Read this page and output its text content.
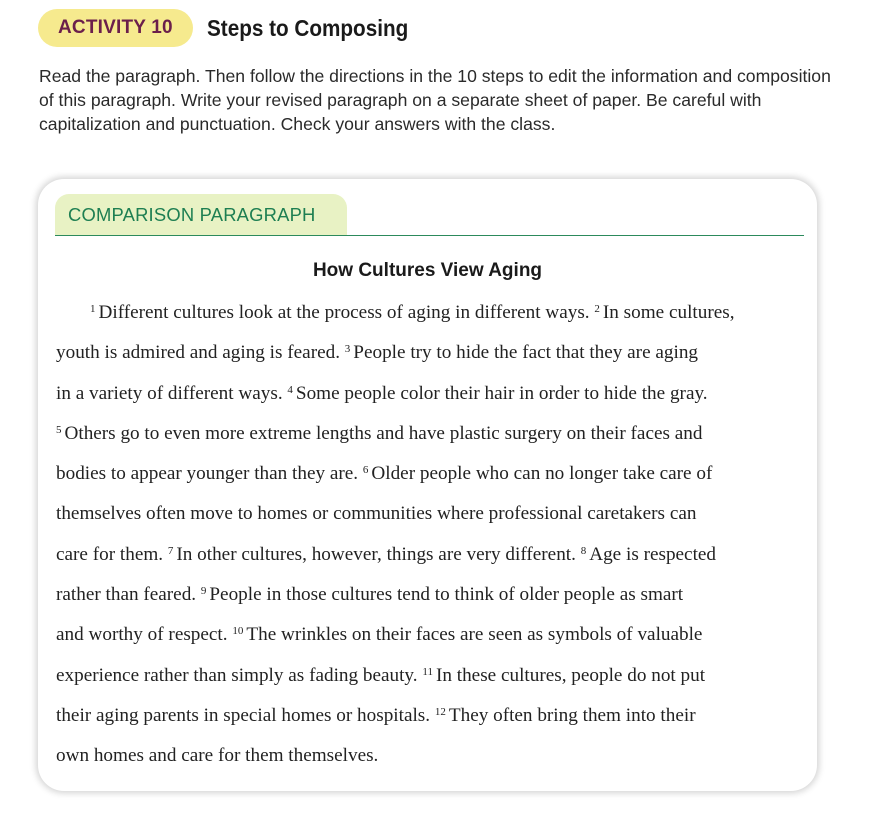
ACTIVITY 10	Steps to Composing

Read the paragraph. Then follow the directions in the 10 steps to edit the information and composition of this paragraph. Write your revised paragraph on a separate sheet of paper. Be careful with capitalization and punctuation. Check your answers with the class.

COMPARISON PARAGRAPH
How Cultures View Aging
$^1$ Different cultures look at the process of aging in different ways. $^2$ In some cultures,
youth is admired and aging is feared. $^3$ People try to hide the fact that they are aging
in a variety of different ways. $^4$ Some people color their hair in order to hide the gray.
$^5$ Others go to even more extreme lengths and have plastic surgery on their faces and
bodies to appear younger than they are. $^6$ Older people who can no longer take care of
themselves often move to homes or communities where professional caretakers can
care for them. $^7$ In other cultures, however, things are very different. $^8$ Age is respected
rather than feared. $^9$ People in those cultures tend to think of older people as smart
and worthy of respect. $^{10}$ The wrinkles on their faces are seen as symbols of valuable
experience rather than simply as fading beauty. $^{11}$ In these cultures, people do not put
their aging parents in special homes or hospitals. $^{12}$ They often bring them into their
own homes and care for them themselves.
